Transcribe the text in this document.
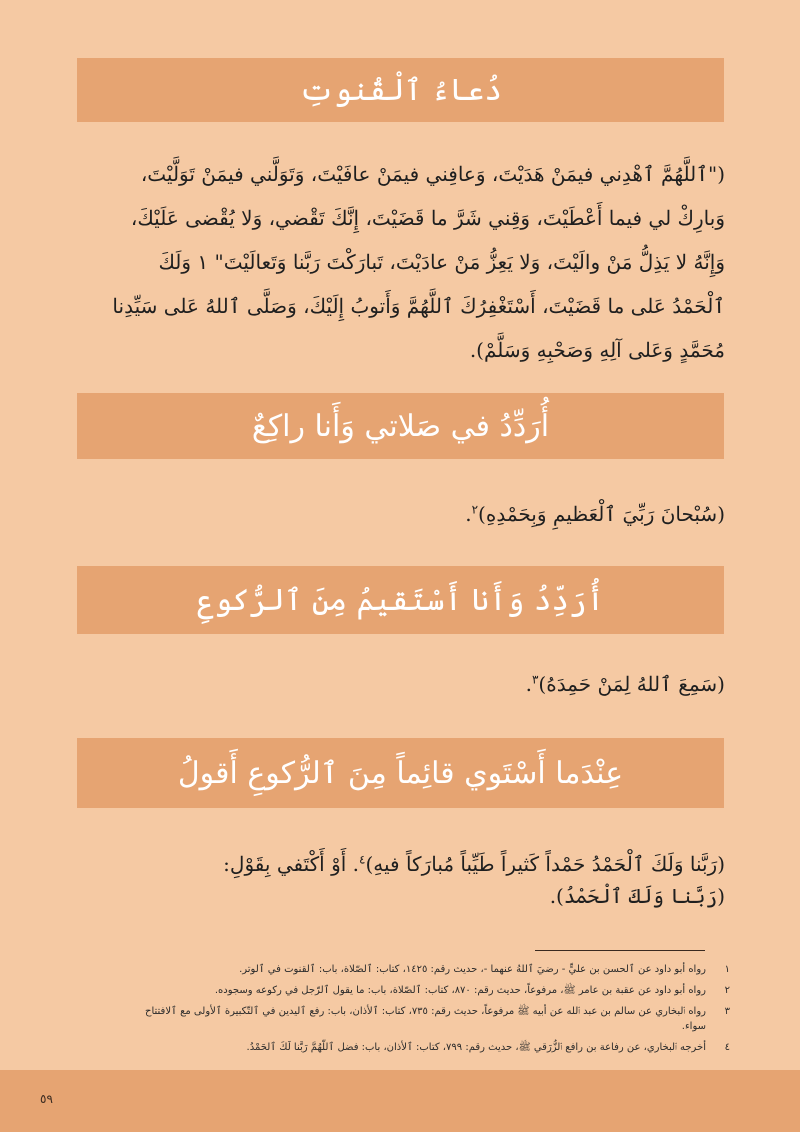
دُعاءُ ٱلْقُنوتِ
("ٱللَّهُمَّ ٱهْدِني فيمَنْ هَدَيْتَ، وَعافِني فيمَنْ عافَيْتَ، وَتَوَلَّني فيمَنْ تَوَلَّيْتَ،
وَبارِكْ لي فيما أَعْطَيْتَ، وَقِني شَرَّ ما قَضَيْتَ، إِنَّكَ تَقْضي، وَلا يُقْضى عَلَيْكَ،
وَإِنَّهُ لا يَذِلُّ مَنْ والَيْتَ، وَلا يَعِزُّ مَنْ عادَيْتَ، تَبارَكْتَ رَبَّنا وَتَعالَيْتَ" ١ وَلَكَ
ٱلْحَمْدُ عَلى ما قَضَيْتَ، أَسْتَغْفِرُكَ ٱللَّهُمَّ وَأَتوبُ إِلَيْكَ، وَصَلَّى ٱللهُ عَلى سَيِّدِنا
مُحَمَّدٍ وَعَلى آلِهِ وَصَحْبِهِ وَسَلَّمْ).
أُرَدِّدُ في صَلاتي وَأَنا راكِعٌ
(سُبْحانَ رَبِّيَ ٱلْعَظيمِ وَبِحَمْدِهِ)$^٢$.
أُرَدِّدُ وَأَنا أَسْتَقيمُ مِنَ ٱلرُّكوعِ
(سَمِعَ ٱللهُ لِمَنْ حَمِدَهُ)$^٣$.
عِنْدَما أَسْتَوي قائِماً مِنَ ٱلرُّكوعِ أَقولُ
(رَبَّنا وَلَكَ ٱلْحَمْدُ حَمْداً كَثيراً طَيِّباً مُبارَكاً فيهِ)$^٤$. أَوْ أَكْتَفي بِقَوْلِ:
(رَبَّنا وَلَكَ ٱلْحَمْدُ).
١
رواه أبو داود عن ٱلحسن بن عليٍّ - رضيَ ٱللهُ عنهما -، حديث رقم: ١٤٢٥، كتاب: ٱلصّلاة، باب: ٱلقنوت في ٱلوتر.
٢
رواه أبو داود عن عقبة بن عامر ﷺ، مرفوعاً، حديث رقم: ٨٧٠، كتاب: ٱلصّلاة، باب: ما يقول ٱلرّجل في ركوعه وسجوده.
٣
رواه ٱلبخاري عن سالم بن عبد ٱلله عن أبيه ﷺ مرفوعاً، حديث رقم: ٧٣٥، كتاب: ٱلأذان، باب: رفع ٱليدين في ٱلتّكبيرة ٱلأولى مع ٱلافتتاح سواء.
٤
أخرجه ٱلبخاري، عن رفاعة بن رافع ٱلزُّرَقي ﷺ، حديث رقم: ٧٩٩، كتاب: ٱلأذان، باب: فضل ٱللّهُمَّ رَبَّنا لَكَ ٱلحَمْدُ.
٥٩
